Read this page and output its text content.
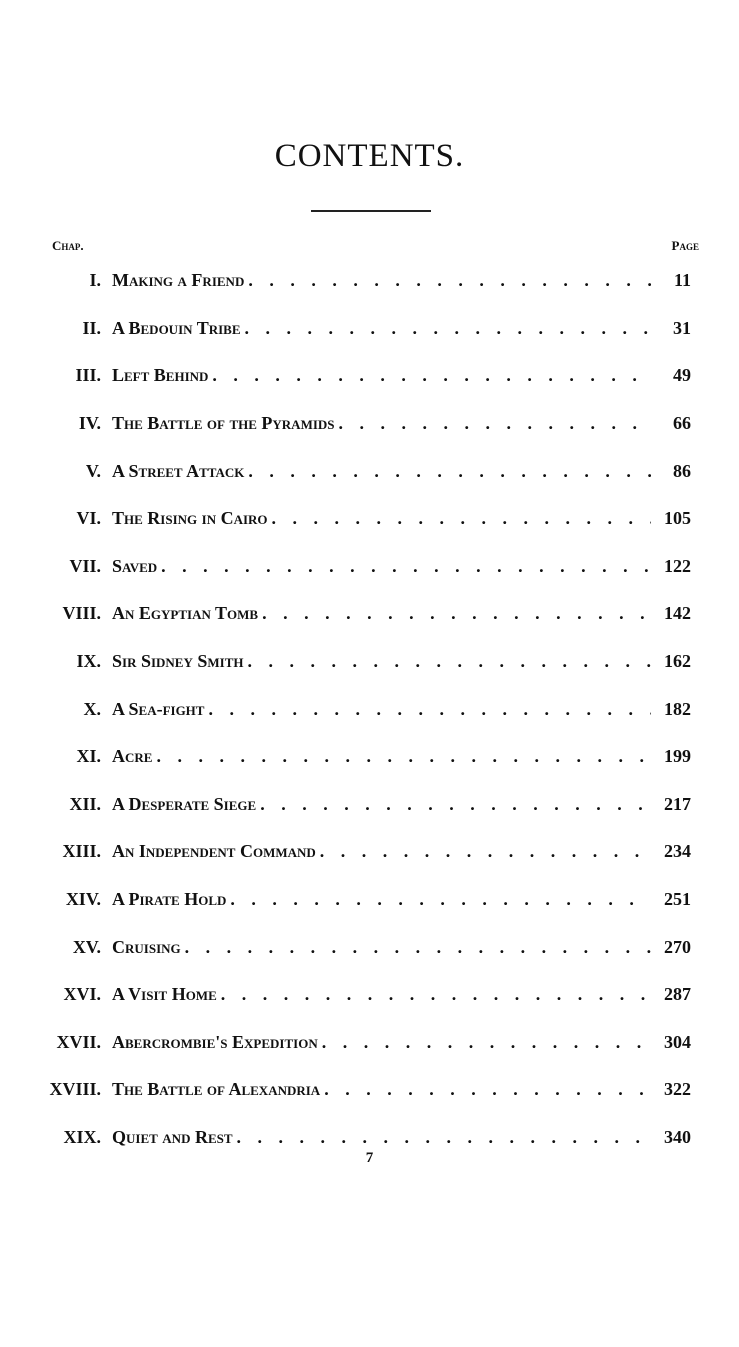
CONTENTS.
Chap.	Page
I. Making a Friend . . .	11
II. A Bedouin Tribe . . .	31
III. Left Behind . . .	49
IV. The Battle of the Pyramids . . .	66
V. A Street Attack . . .	86
VI. The Rising in Cairo . . .	105
VII. Saved . . .	122
VIII. An Egyptian Tomb . . .	142
IX. Sir Sidney Smith . . .	162
X. A Sea-fight . . .	182
XI. Acre . . .	199
XII. A Desperate Siege . . .	217
XIII. An Independent Command . . .	234
XIV. A Pirate Hold . . .	251
XV. Cruising . . .	270
XVI. A Visit Home . . .	287
XVII. Abercrombie's Expedition . . .	304
XVIII. The Battle of Alexandria . . .	322
XIX. Quiet and Rest . . .	340
7
